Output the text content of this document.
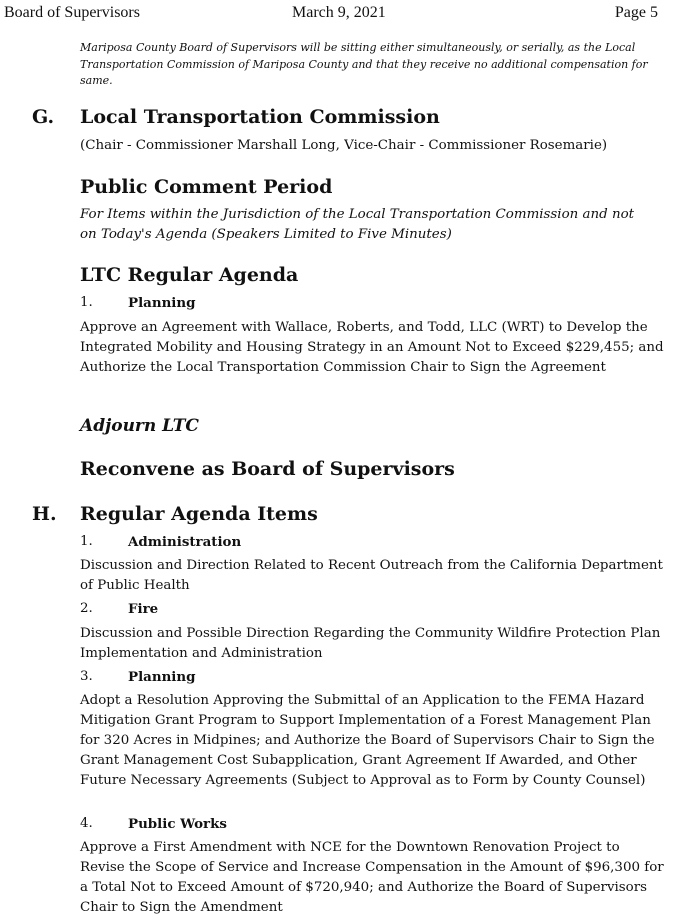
Board of Supervisors	March 9, 2021	Page 5
Mariposa County Board of Supervisors will be sitting either simultaneously, or serially, as the Local Transportation Commission of Mariposa County and that they receive no additional compensation for same.
G. Local Transportation Commission
(Chair - Commissioner Marshall Long, Vice-Chair - Commissioner Rosemarie)
Public Comment Period
For Items within the Jurisdiction of the Local Transportation Commission and not
on Today's Agenda (Speakers Limited to Five Minutes)
LTC Regular Agenda
1.	Planning
Approve an Agreement with Wallace, Roberts, and Todd, LLC (WRT) to Develop the Integrated Mobility and Housing Strategy in an Amount Not to Exceed $229,455; and Authorize the Local Transportation Commission Chair to Sign the Agreement
Adjourn LTC
Reconvene as Board of Supervisors
H. Regular Agenda Items
1.	Administration
Discussion and Direction Related to Recent Outreach from the California Department of Public Health
2.	Fire
Discussion and Possible Direction Regarding the Community Wildfire Protection Plan Implementation and Administration
3.	Planning
Adopt a Resolution Approving the Submittal of an Application to the FEMA Hazard Mitigation Grant Program to Support Implementation of a Forest Management Plan for 320 Acres in Midpines; and Authorize the Board of Supervisors Chair to Sign the Grant Management Cost Subapplication, Grant Agreement If Awarded, and Other Future Necessary Agreements (Subject to Approval as to Form by County Counsel)
4.	Public Works
Approve a First Amendment with NCE for the Downtown Renovation Project to Revise the Scope of Service and Increase Compensation in the Amount of $96,300 for a Total Not to Exceed Amount of $720,940; and Authorize the Board of Supervisors Chair to Sign the Amendment
